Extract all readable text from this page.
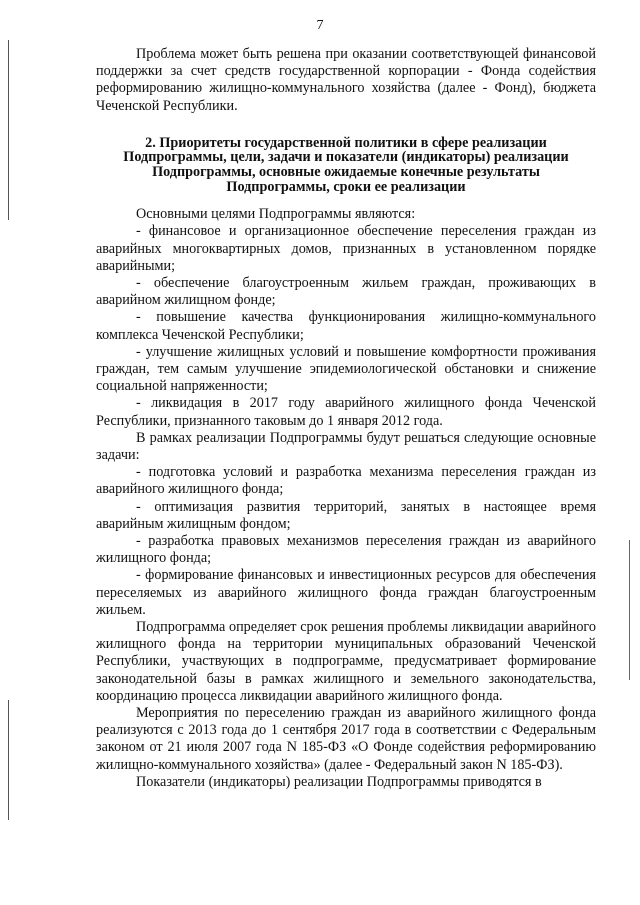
7

Проблема может быть решена при оказании соответствующей финансовой поддержки за счет средств государственной корпорации - Фонда содействия реформированию жилищно-коммунального хозяйства (далее - Фонд), бюджета Чеченской Республики.

2. Приоритеты государственной политики в сфере реализации
Подпрограммы, цели, задачи и показатели (индикаторы) реализации
Подпрограммы, основные ожидаемые конечные результаты
Подпрограммы, сроки ее реализации

Основными целями Подпрограммы являются:

- финансовое и организационное обеспечение переселения граждан из аварийных многоквартирных домов, признанных в установленном порядке аварийными;

- обеспечение благоустроенным жильем граждан, проживающих в аварийном жилищном фонде;

- повышение качества функционирования жилищно-коммунального комплекса Чеченской Республики;

- улучшение жилищных условий и повышение комфортности проживания граждан, тем самым улучшение эпидемиологической обстановки и снижение социальной напряженности;

- ликвидация в 2017 году аварийного жилищного фонда Чеченской Республики, признанного таковым до 1 января 2012 года.

В рамках реализации Подпрограммы будут решаться следующие основные задачи:

- подготовка условий и разработка механизма переселения граждан из аварийного жилищного фонда;

- оптимизация развития территорий, занятых в настоящее время аварийным жилищным фондом;

- разработка правовых механизмов переселения граждан из аварийного жилищного фонда;

- формирование финансовых и инвестиционных ресурсов для обеспечения переселяемых из аварийного жилищного фонда граждан благоустроенным жильем.

Подпрограмма определяет срок решения проблемы ликвидации аварийного жилищного фонда на территории муниципальных образований Чеченской Республики, участвующих в подпрограмме, предусматривает формирование законодательной базы в рамках жилищного и земельного законодательства, координацию процесса ликвидации аварийного жилищного фонда.

Мероприятия по переселению граждан из аварийного жилищного фонда реализуются с 2013 года до 1 сентября 2017 года в соответствии с Федеральным законом от 21 июля 2007 года N 185-ФЗ «О Фонде содействия реформированию жилищно-коммунального хозяйства» (далее - Федеральный закон N 185-ФЗ).

Показатели (индикаторы) реализации Подпрограммы приводятся в
